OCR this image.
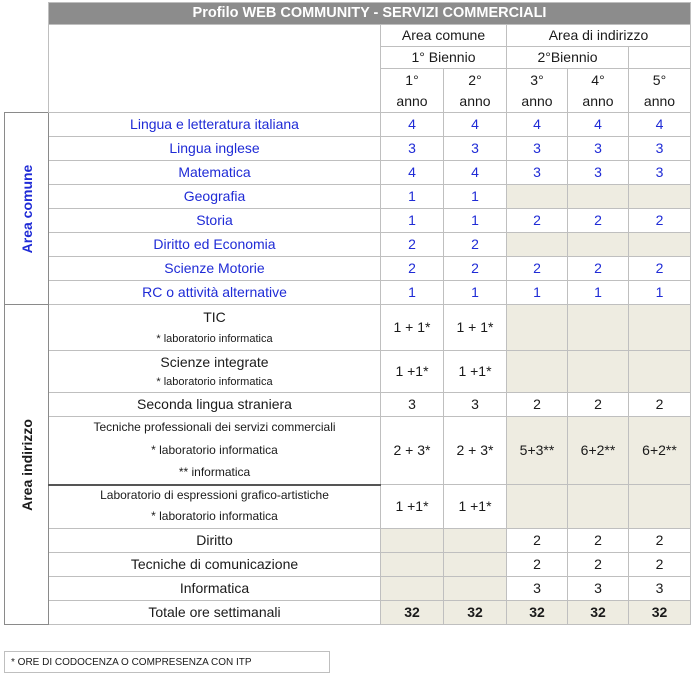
	Profilo WEB COMMUNITY - SERVIZI COMMERCIALI					
		Area comune		Area di indirizzo		
		1° Biennio		2°Biennio		
		1°	2°	3°	4°	5°
		anno	anno	anno	anno	anno

Area comune	Lingua e letteratura italiana	4	4	4	4	4
	Lingua inglese	3	3	3	3	3
	Matematica	4	4	3	3	3
	Geografia	1	1			
	Storia	1	1	2	2	2
	Diritto ed Economia	2	2			
	Scienze Motorie	2	2	2	2	2
	RC o attività alternative	1	1	1	1	1

Area indirizzo	TIC	1 + 1*	1 + 1*			
	* laboratorio informatica					
	Scienze integrate	1 +1*	1 +1*			
	* laboratorio informatica					
	Seconda lingua straniera	3	3	2	2	2
	Tecniche professionali dei servizi commerciali	2 + 3*	2 + 3*	5+3**	6+2**	6+2**
	* laboratorio informatica					
	** informatica					
	Laboratorio di espressioni grafico-artistiche	1 +1*	1 +1*			
	* laboratorio informatica					
	Diritto			2	2	2
	Tecniche di comunicazione			2	2	2
	Informatica			3	3	3
	Totale ore settimanali	32	32	32	32	32
* ORE DI CODOCENZA O COMPRESENZA CON ITP
